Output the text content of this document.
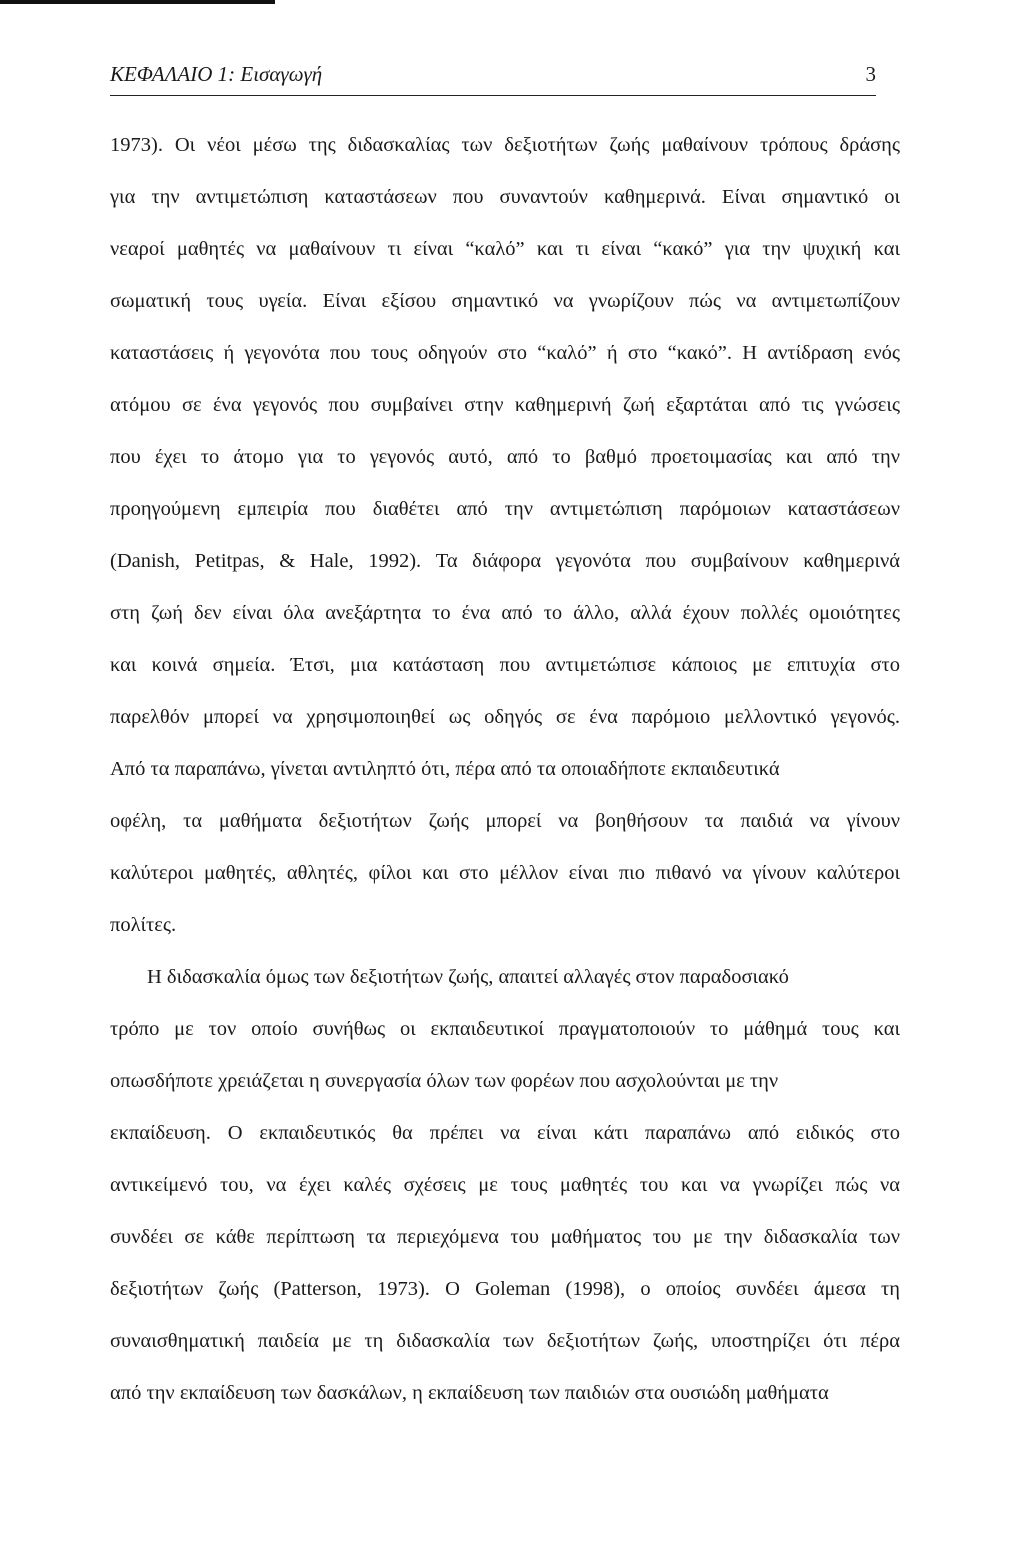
ΚΕΦΑΛΑΙΟ 1: Εισαγωγή	3
1973). Οι νέοι μέσω της διδασκαλίας των δεξιοτήτων ζωής μαθαίνουν τρόπους δράσης
για την αντιμετώπιση καταστάσεων που συναντούν καθημερινά. Είναι σημαντικό οι
νεαροί μαθητές να μαθαίνουν τι είναι “καλό” και τι είναι “κακό” για την ψυχική και
σωματική τους υγεία. Είναι εξίσου σημαντικό να γνωρίζουν πώς να αντιμετωπίζουν
καταστάσεις ή γεγονότα που τους οδηγούν στο “καλό” ή στο “κακό”. Η αντίδραση ενός
ατόμου σε ένα γεγονός που συμβαίνει στην καθημερινή ζωή εξαρτάται από τις γνώσεις
που έχει το άτομο για το γεγονός αυτό, από το βαθμό προετοιμασίας και από την
προηγούμενη εμπειρία που διαθέτει από την αντιμετώπιση παρόμοιων καταστάσεων
(Danish, Petitpas, & Hale, 1992). Τα διάφορα γεγονότα που συμβαίνουν καθημερινά
στη ζωή δεν είναι όλα ανεξάρτητα το ένα από το άλλο, αλλά έχουν πολλές ομοιότητες
και κοινά σημεία. Έτσι, μια κατάσταση που αντιμετώπισε κάποιος με επιτυχία στο
παρελθόν μπορεί να χρησιμοποιηθεί ως οδηγός σε ένα παρόμοιο μελλοντικό γεγονός.
Από τα παραπάνω, γίνεται αντιληπτό ότι, πέρα από τα οποιαδήποτε εκπαιδευτικά
οφέλη, τα μαθήματα δεξιοτήτων ζωής μπορεί να βοηθήσουν τα παιδιά να γίνουν
καλύτεροι μαθητές, αθλητές, φίλοι και στο μέλλον είναι πιο πιθανό να γίνουν καλύτεροι
πολίτες.
Η διδασκαλία όμως των δεξιοτήτων ζωής, απαιτεί αλλαγές στον παραδοσιακό
τρόπο με τον οποίο συνήθως οι εκπαιδευτικοί πραγματοποιούν το μάθημά τους και
οπωσδήποτε χρειάζεται η συνεργασία όλων των φορέων που ασχολούνται με την
εκπαίδευση. Ο εκπαιδευτικός θα πρέπει να είναι κάτι παραπάνω από ειδικός στο
αντικείμενό του, να έχει καλές σχέσεις με τους μαθητές του και να γνωρίζει πώς να
συνδέει σε κάθε περίπτωση τα περιεχόμενα του μαθήματος του με την διδασκαλία των
δεξιοτήτων ζωής (Patterson, 1973). Ο Goleman (1998), ο οποίος συνδέει άμεσα τη
συναισθηματική παιδεία με τη διδασκαλία των δεξιοτήτων ζωής, υποστηρίζει ότι πέρα
από την εκπαίδευση των δασκάλων, η εκπαίδευση των παιδιών στα ουσιώδη μαθήματα
